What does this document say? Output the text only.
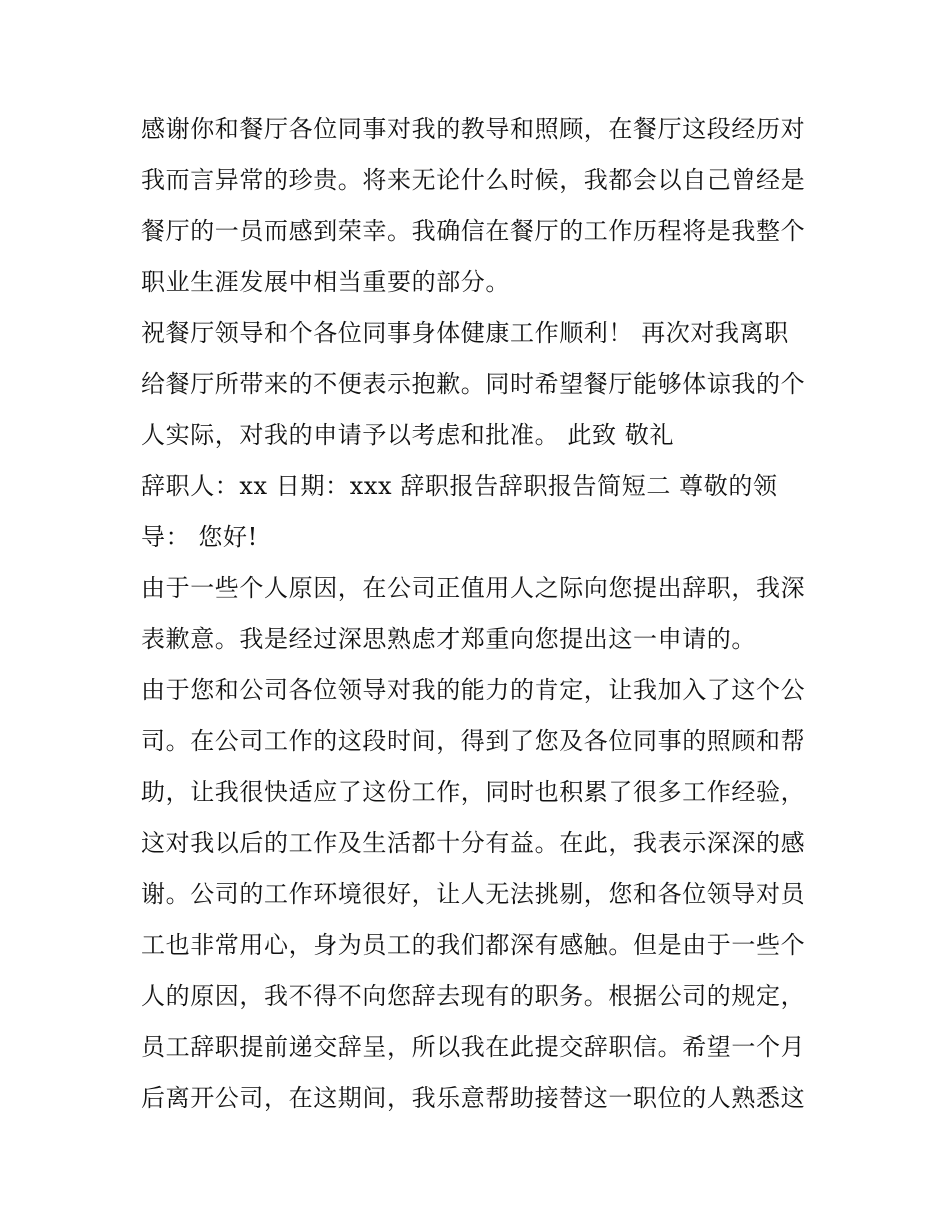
感谢你和餐厅各位同事对我的教导和照顾，在餐厅这段经历对
我而言异常的珍贵。将来无论什么时候，我都会以自己曾经是
餐厅的一员而感到荣幸。我确信在餐厅的工作历程将是我整个
职业生涯发展中相当重要的部分。
祝餐厅领导和个各位同事身体健康工作顺利！ 再次对我离职
给餐厅所带来的不便表示抱歉。同时希望餐厅能够体谅我的个
人实际，对我的申请予以考虑和批准。 此致 敬礼
辞职人：xx 日期：xxx 辞职报告辞职报告简短二 尊敬的领
导： 您好!
由于一些个人原因，在公司正值用人之际向您提出辞职，我深
表歉意。我是经过深思熟虑才郑重向您提出这一申请的。
由于您和公司各位领导对我的能力的肯定，让我加入了这个公
司。在公司工作的这段时间，得到了您及各位同事的照顾和帮
助，让我很快适应了这份工作，同时也积累了很多工作经验，
这对我以后的工作及生活都十分有益。在此，我表示深深的感
谢。公司的工作环境很好，让人无法挑剔，您和各位领导对员
工也非常用心，身为员工的我们都深有感触。但是由于一些个
人的原因，我不得不向您辞去现有的职务。根据公司的规定，
员工辞职提前递交辞呈，所以我在此提交辞职信。希望一个月
后离开公司，在这期间，我乐意帮助接替这一职位的人熟悉这
